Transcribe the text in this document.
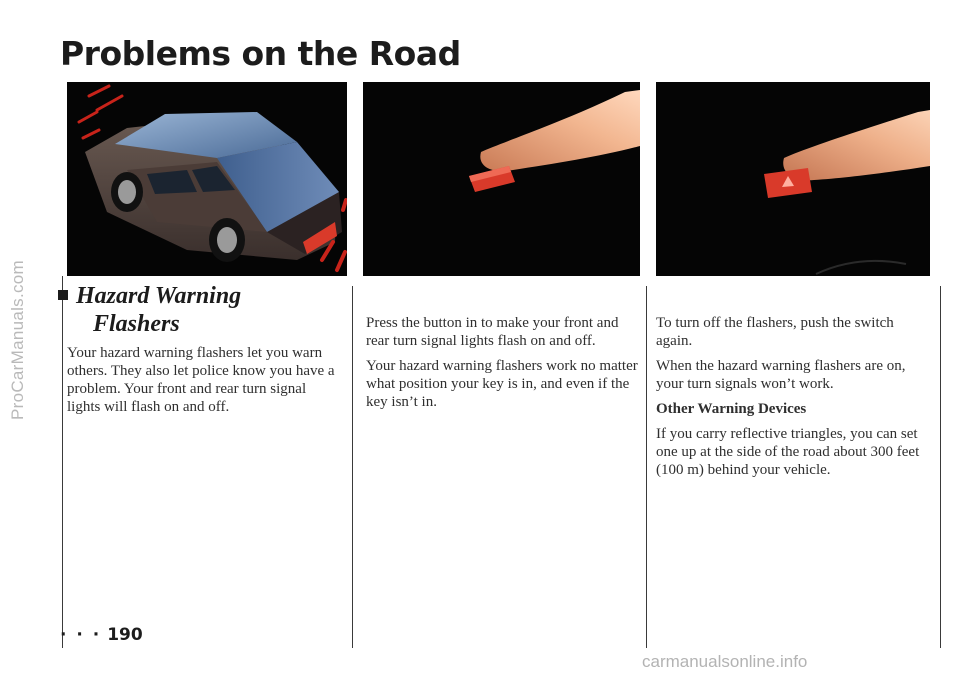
ProCarManuals.com
Problems on the Road
Hazard Warning
Flashers

Your hazard warning flashers let you warn others. They also let police know you have a problem. Your front and rear turn signal lights will flash on and off.

Press the button in to make your front and rear turn signal lights flash on and off.

Your hazard warning flashers work no matter what position your key is in, and even if the key isn’t in.

To turn off the flashers, push the switch again.

When the hazard warning flashers are on, your turn signals won’t work.

Other Warning Devices

If you carry reflective triangles, you can set one up at the side of the road about 300 feet (100 m) behind your vehicle.

· · · 190
carmanualsonline.info
